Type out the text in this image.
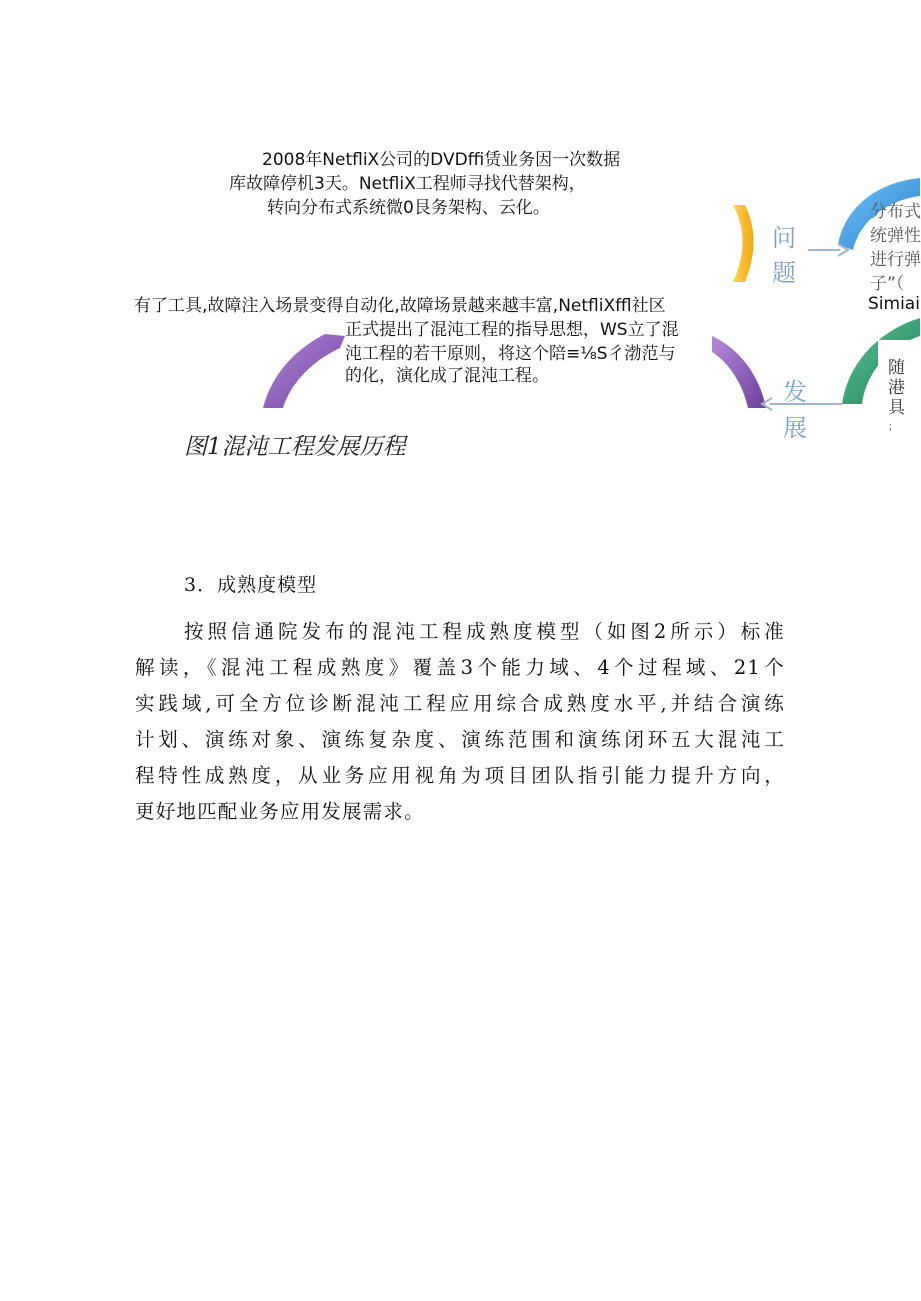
2008年NetfliX公司的DVDffi赁业务因一次数据
库故障停机3天。NetfliX工程师寻找代替架构，
转向分布式系统微0艮务架构、云化。
有了工具,故障注入场景变得自动化,故障场景越来越丰富,NetfliXffl社区
正式提出了混沌工程的指导思想，WS立了混
沌工程的若干原则，将这个陪≡⅛S彳渤范与
的化，演化成了混沌工程。
问
题
发
展
分布式
统弹性
进行弹
子”（
Simiai
随
港
具
图1混沌工程发展历程
3．成熟度模型
按照信通院发布的混沌工程成熟度模型（如图2所示）标准
解读，《混沌工程成熟度》覆盖3个能力域、4个过程域、21个
实践域,可全方位诊断混沌工程应用综合成熟度水平,并结合演练
计划、演练对象、演练复杂度、演练范围和演练闭环五大混沌工
程特性成熟度，从业务应用视角为项目团队指引能力提升方向，
更好地匹配业务应用发展需求。
